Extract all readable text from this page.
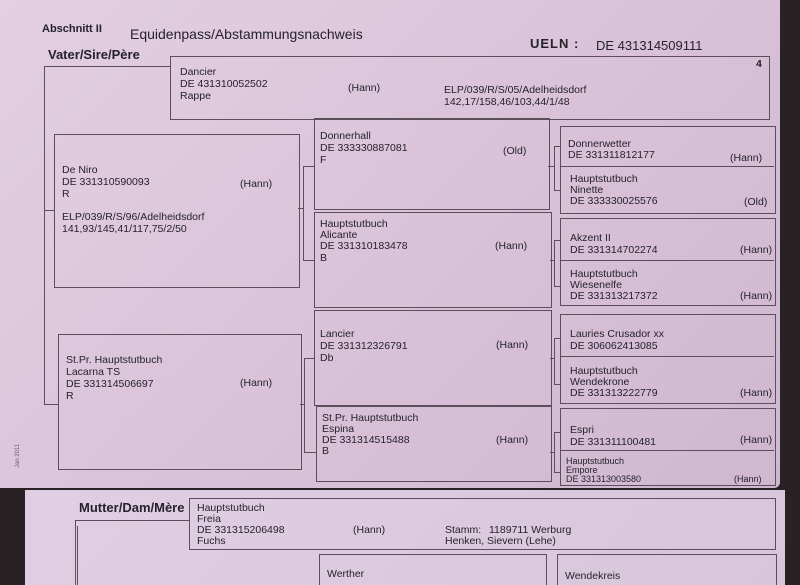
Abschnitt II Equidenpass/Abstammungsnachweis
UELN : DE 431314509111
4
Vater/Sire/Père
Dancier
DE 431310052502	(Hann)
Rappe	ELP/039/R/S/05/Adelheidsdorf
142,17/158,46/103,44/1/48
De Niro
DE 331310590093	(Hann)
R
ELP/039/R/S/96/Adelheidsdorf
141,93/145,41/117,75/2/50
St.Pr. Hauptstutbuch
Lacarna TS
DE 331314506697	(Hann)
R
Donnerhall
DE 333330887081	(Old)
F
Hauptstutbuch
Alicante
DE 331310183478	(Hann)
B
Lancier
DE 331312326791	(Hann)
Db
St.Pr. Hauptstutbuch
Espina
DE 331314515488	(Hann)
B
Donnerwetter
DE 331311812177	(Hann)
Hauptstutbuch
Ninette
DE 333330025576	(Old)
Akzent II
DE 331314702274	(Hann)
Hauptstutbuch
Wiesenelfe
DE 331313217372	(Hann)
Lauries Crusador xx
DE 306062413085
Hauptstutbuch
Wendekrone
DE 331313222779	(Hann)
Espri
DE 331311100481	(Hann)
Hauptstutbuch
Empore
DE 331313003580	(Hann)
Jan 2011
Mutter/Dam/Mère Hauptstutbuch
Freia
DE 331315206498	(Hann)
Fuchs
Stamm: 1189711 Werburg
Henken, Sievern (Lehe)
Werther	Wendekreis
